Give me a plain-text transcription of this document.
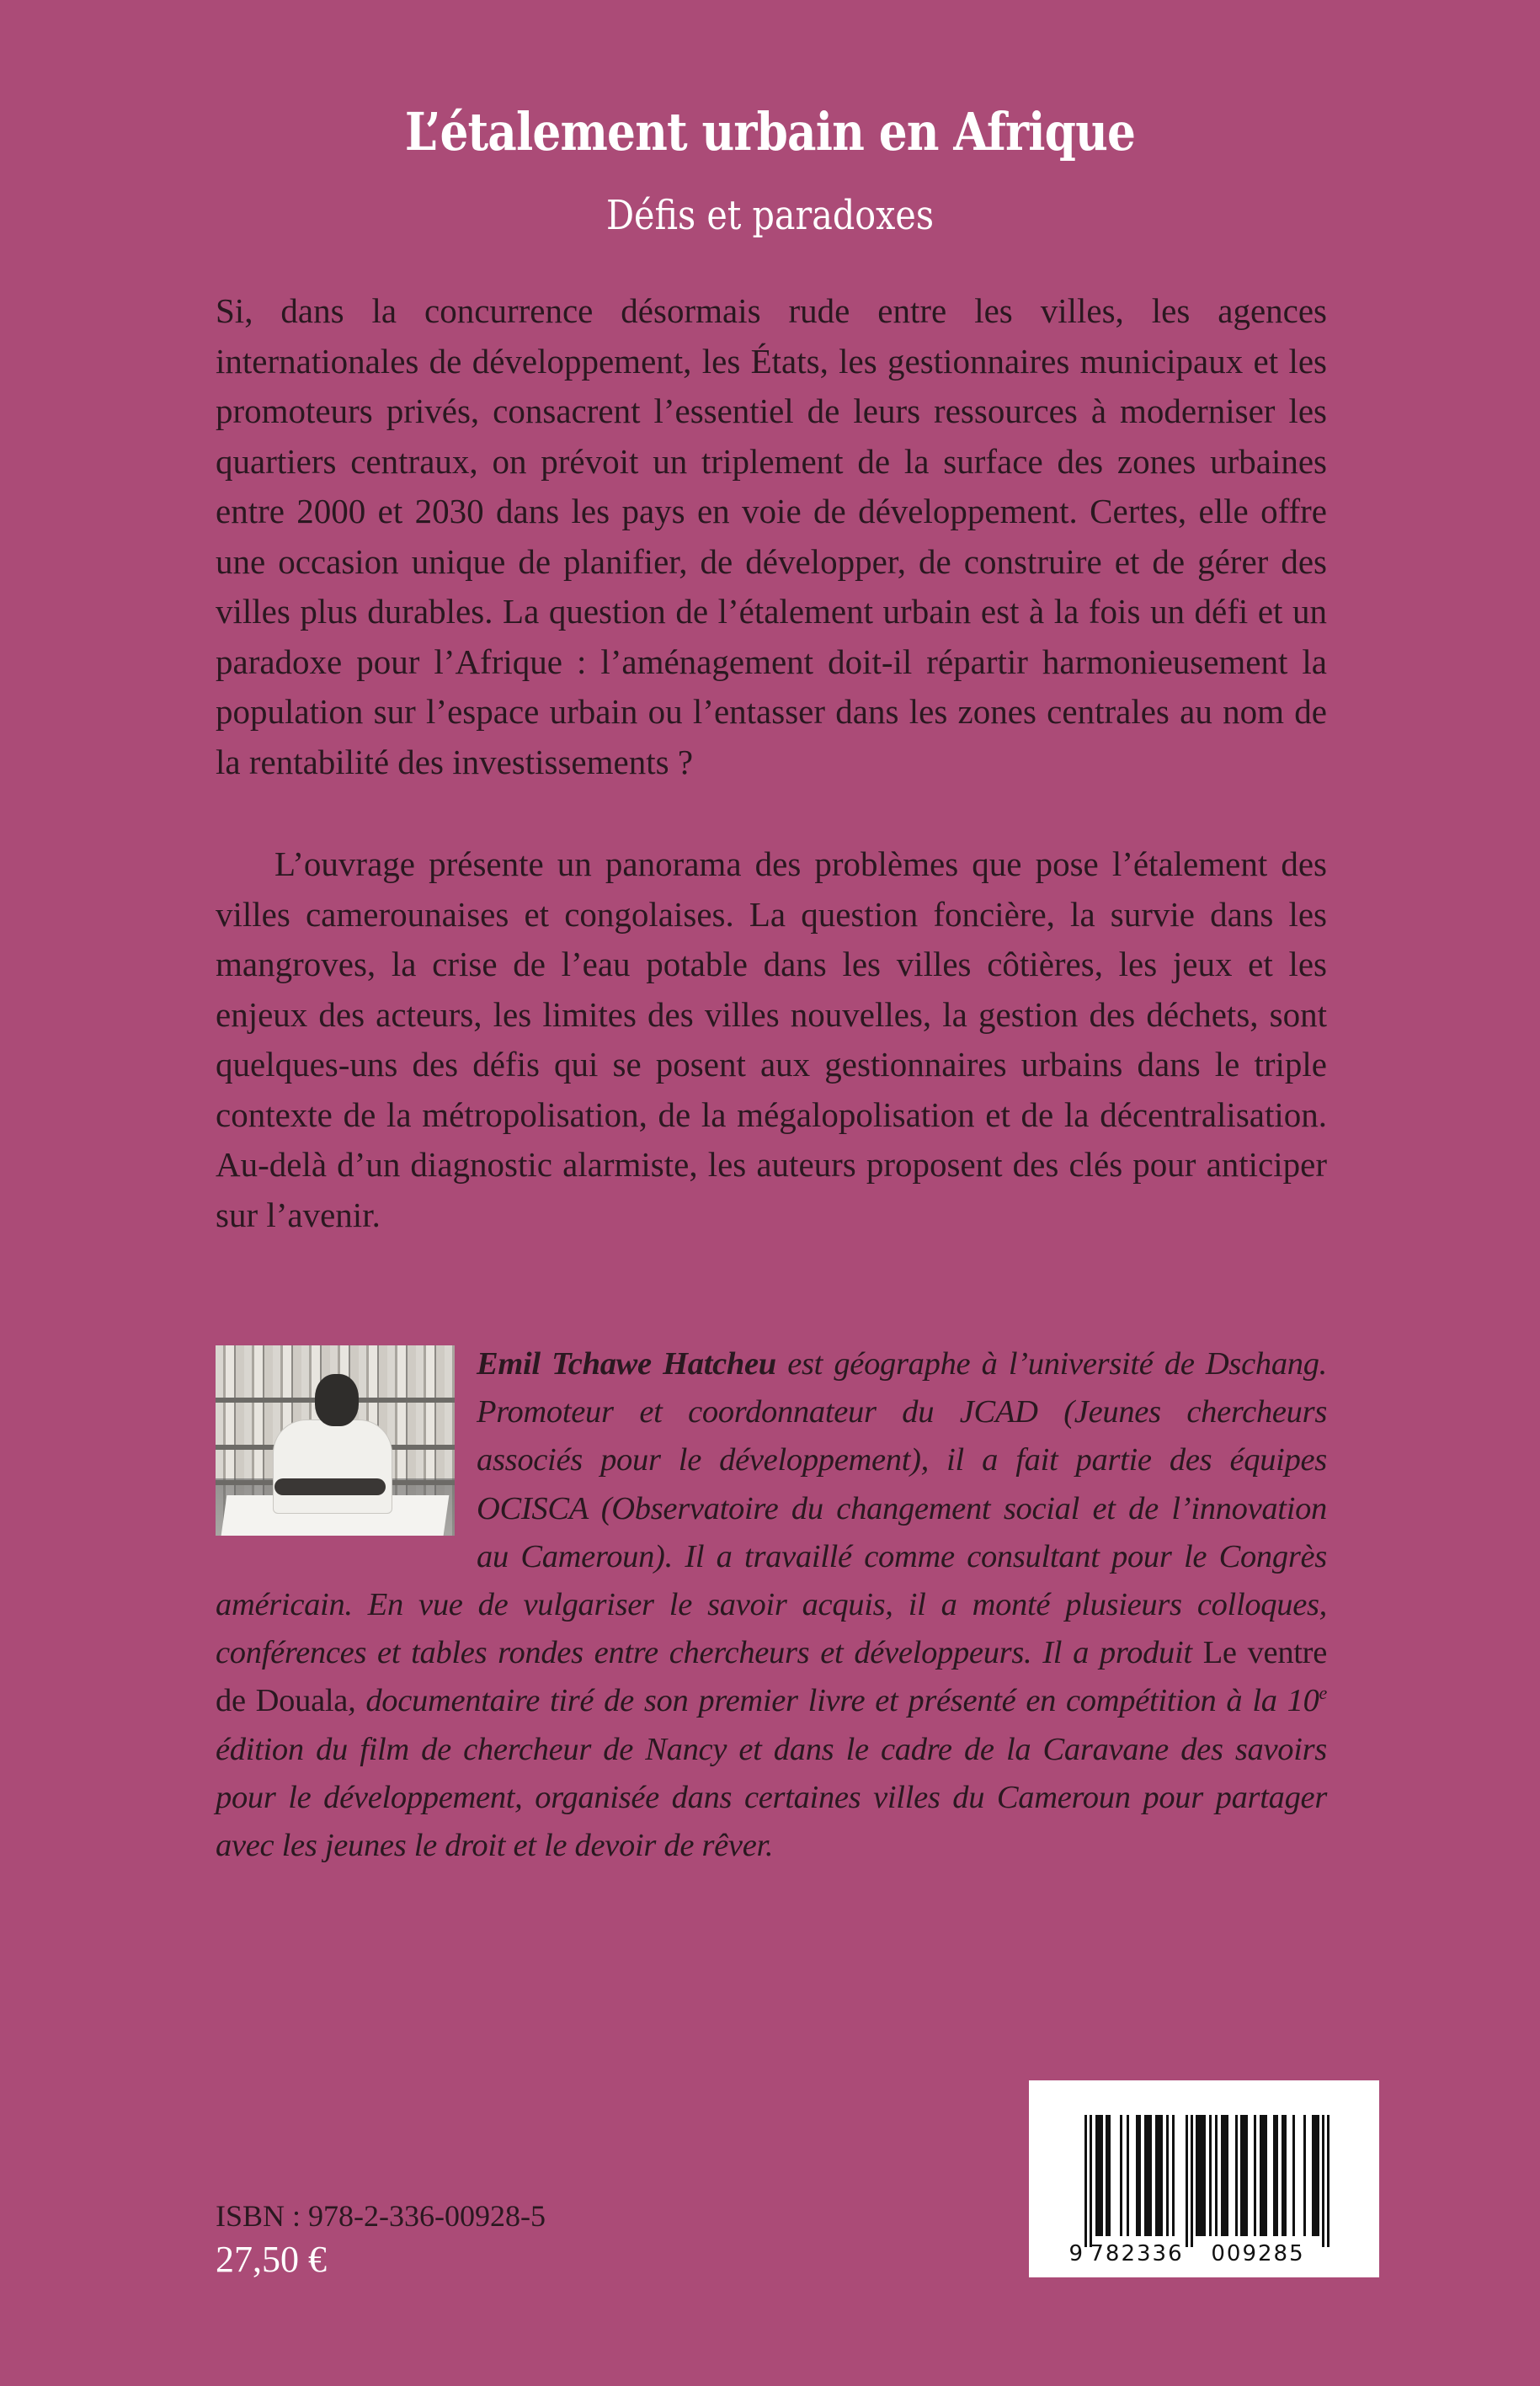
L’étalement urbain en Afrique
Défis et paradoxes

Si, dans la concurrence désormais rude entre les villes, les agences internationales de développement, les États, les gestionnaires municipaux et les promoteurs privés, consacrent l’essentiel de leurs ressources à moderniser les quartiers centraux, on prévoit un triplement de la surface des zones urbaines entre 2000 et 2030 dans les pays en voie de développement. Certes, elle offre une occasion unique de planifier, de développer, de construire et de gérer des villes plus durables. La question de l’étalement urbain est à la fois un défi et un paradoxe pour l’Afrique : l’aménagement doit-il répartir harmonieusement la population sur l’espace urbain ou l’entasser dans les zones centrales au nom de la rentabilité des investissements ?

L’ouvrage présente un panorama des problèmes que pose l’étalement des villes camerounaises et congolaises. La question foncière, la survie dans les mangroves, la crise de l’eau potable dans les villes côtières, les jeux et les enjeux des acteurs, les limites des villes nouvelles, la gestion des déchets, sont quelques-uns des défis qui se posent aux gestionnaires urbains dans le triple contexte de la métropolisation, de la mégalopolisation et de la décentralisation. Au-delà d’un diagnostic alarmiste, les auteurs proposent des clés pour anticiper sur l’avenir.

Emil Tchawe Hatcheu est géographe à l’université de Dschang. Promoteur et coordonnateur du JCAD (Jeunes chercheurs associés pour le développement), il a fait partie des équipes OCISCA (Observatoire du changement social et de l’innovation au Cameroun). Il a travaillé comme consultant pour le Congrès américain. En vue de vulgariser le savoir acquis, il a monté plusieurs colloques, conférences et tables rondes entre chercheurs et développeurs. Il a produit Le ventre de Douala, documentaire tiré de son premier livre et présenté en compétition à la 10e édition du film de chercheur de Nancy et dans le cadre de la Caravane des savoirs pour le développement, organisée dans certaines villes du Cameroun pour partager avec les jeunes le droit et le devoir de rêver.

ISBN : 978-2-336-00928-5
27,50 €	9 782336 009285
